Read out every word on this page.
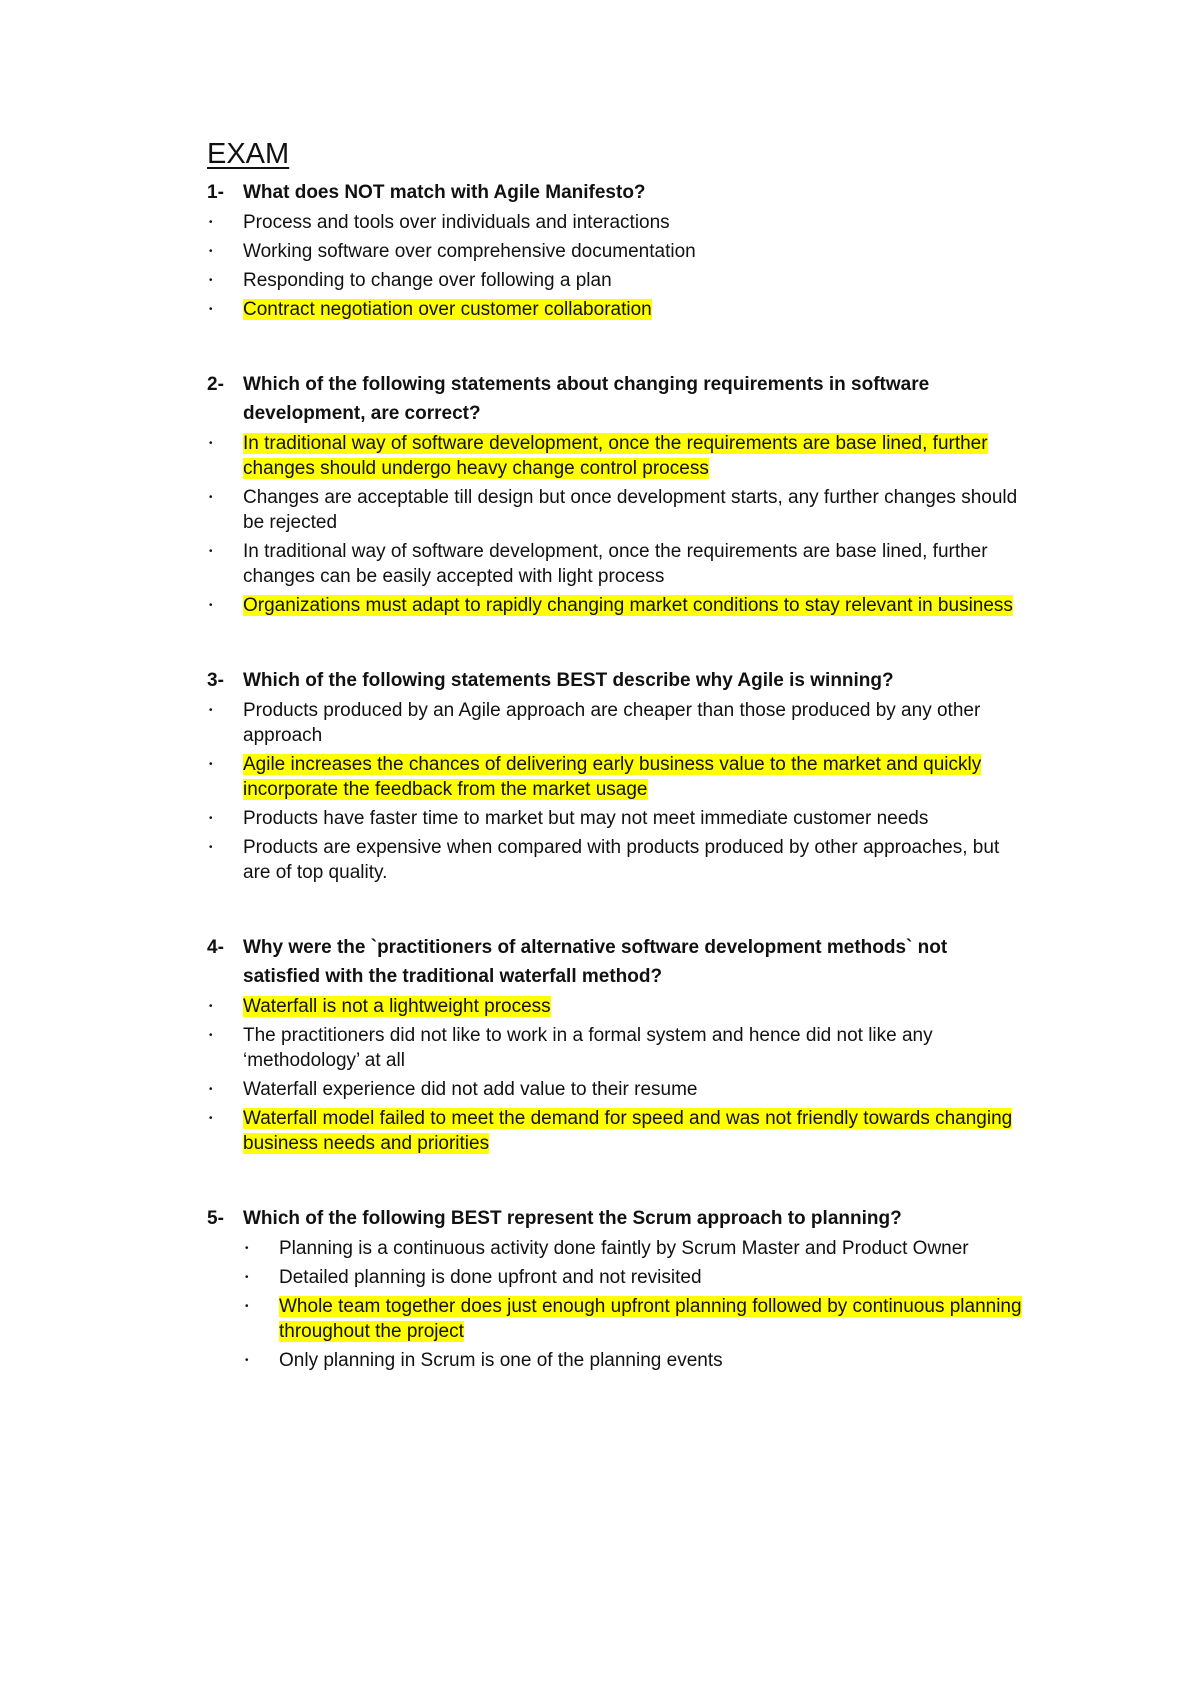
EXAM
1-	What does NOT match with Agile Manifesto?
•	Process and tools over individuals and interactions
•	Working software over comprehensive documentation
•	Responding to change over following a plan
•	Contract negotiation over customer collaboration
2-	Which of the following statements about changing requirements in software development, are correct?
•	In traditional way of software development, once the requirements are base lined, further changes should undergo heavy change control process
•	Changes are acceptable till design but once development starts, any further changes should be rejected
•	In traditional way of software development, once the requirements are base lined, further changes can be easily accepted with light process
•	Organizations must adapt to rapidly changing market conditions to stay relevant in business
3-	Which of the following statements BEST describe why Agile is winning?
•	Products produced by an Agile approach are cheaper than those produced by any other approach
•	Agile increases the chances of delivering early business value to the market and quickly incorporate the feedback from the market usage
•	Products have faster time to market but may not meet immediate customer needs
•	Products are expensive when compared with products produced by other approaches, but are of top quality.
4-	Why were the `practitioners of alternative software development methods` not satisfied with the traditional waterfall method?
•	Waterfall is not a lightweight process
•	The practitioners did not like to work in a formal system and hence did not like any ‘methodology’ at all
•	Waterfall experience did not add value to their resume
•	Waterfall model failed to meet the demand for speed and was not friendly towards changing business needs and priorities
5-	Which of the following BEST represent the Scrum approach to planning?
•	Planning is a continuous activity done faintly by Scrum Master and Product Owner
•	Detailed planning is done upfront and not revisited
•	Whole team together does just enough upfront planning followed by continuous planning throughout the project
•	Only planning in Scrum is one of the planning events
